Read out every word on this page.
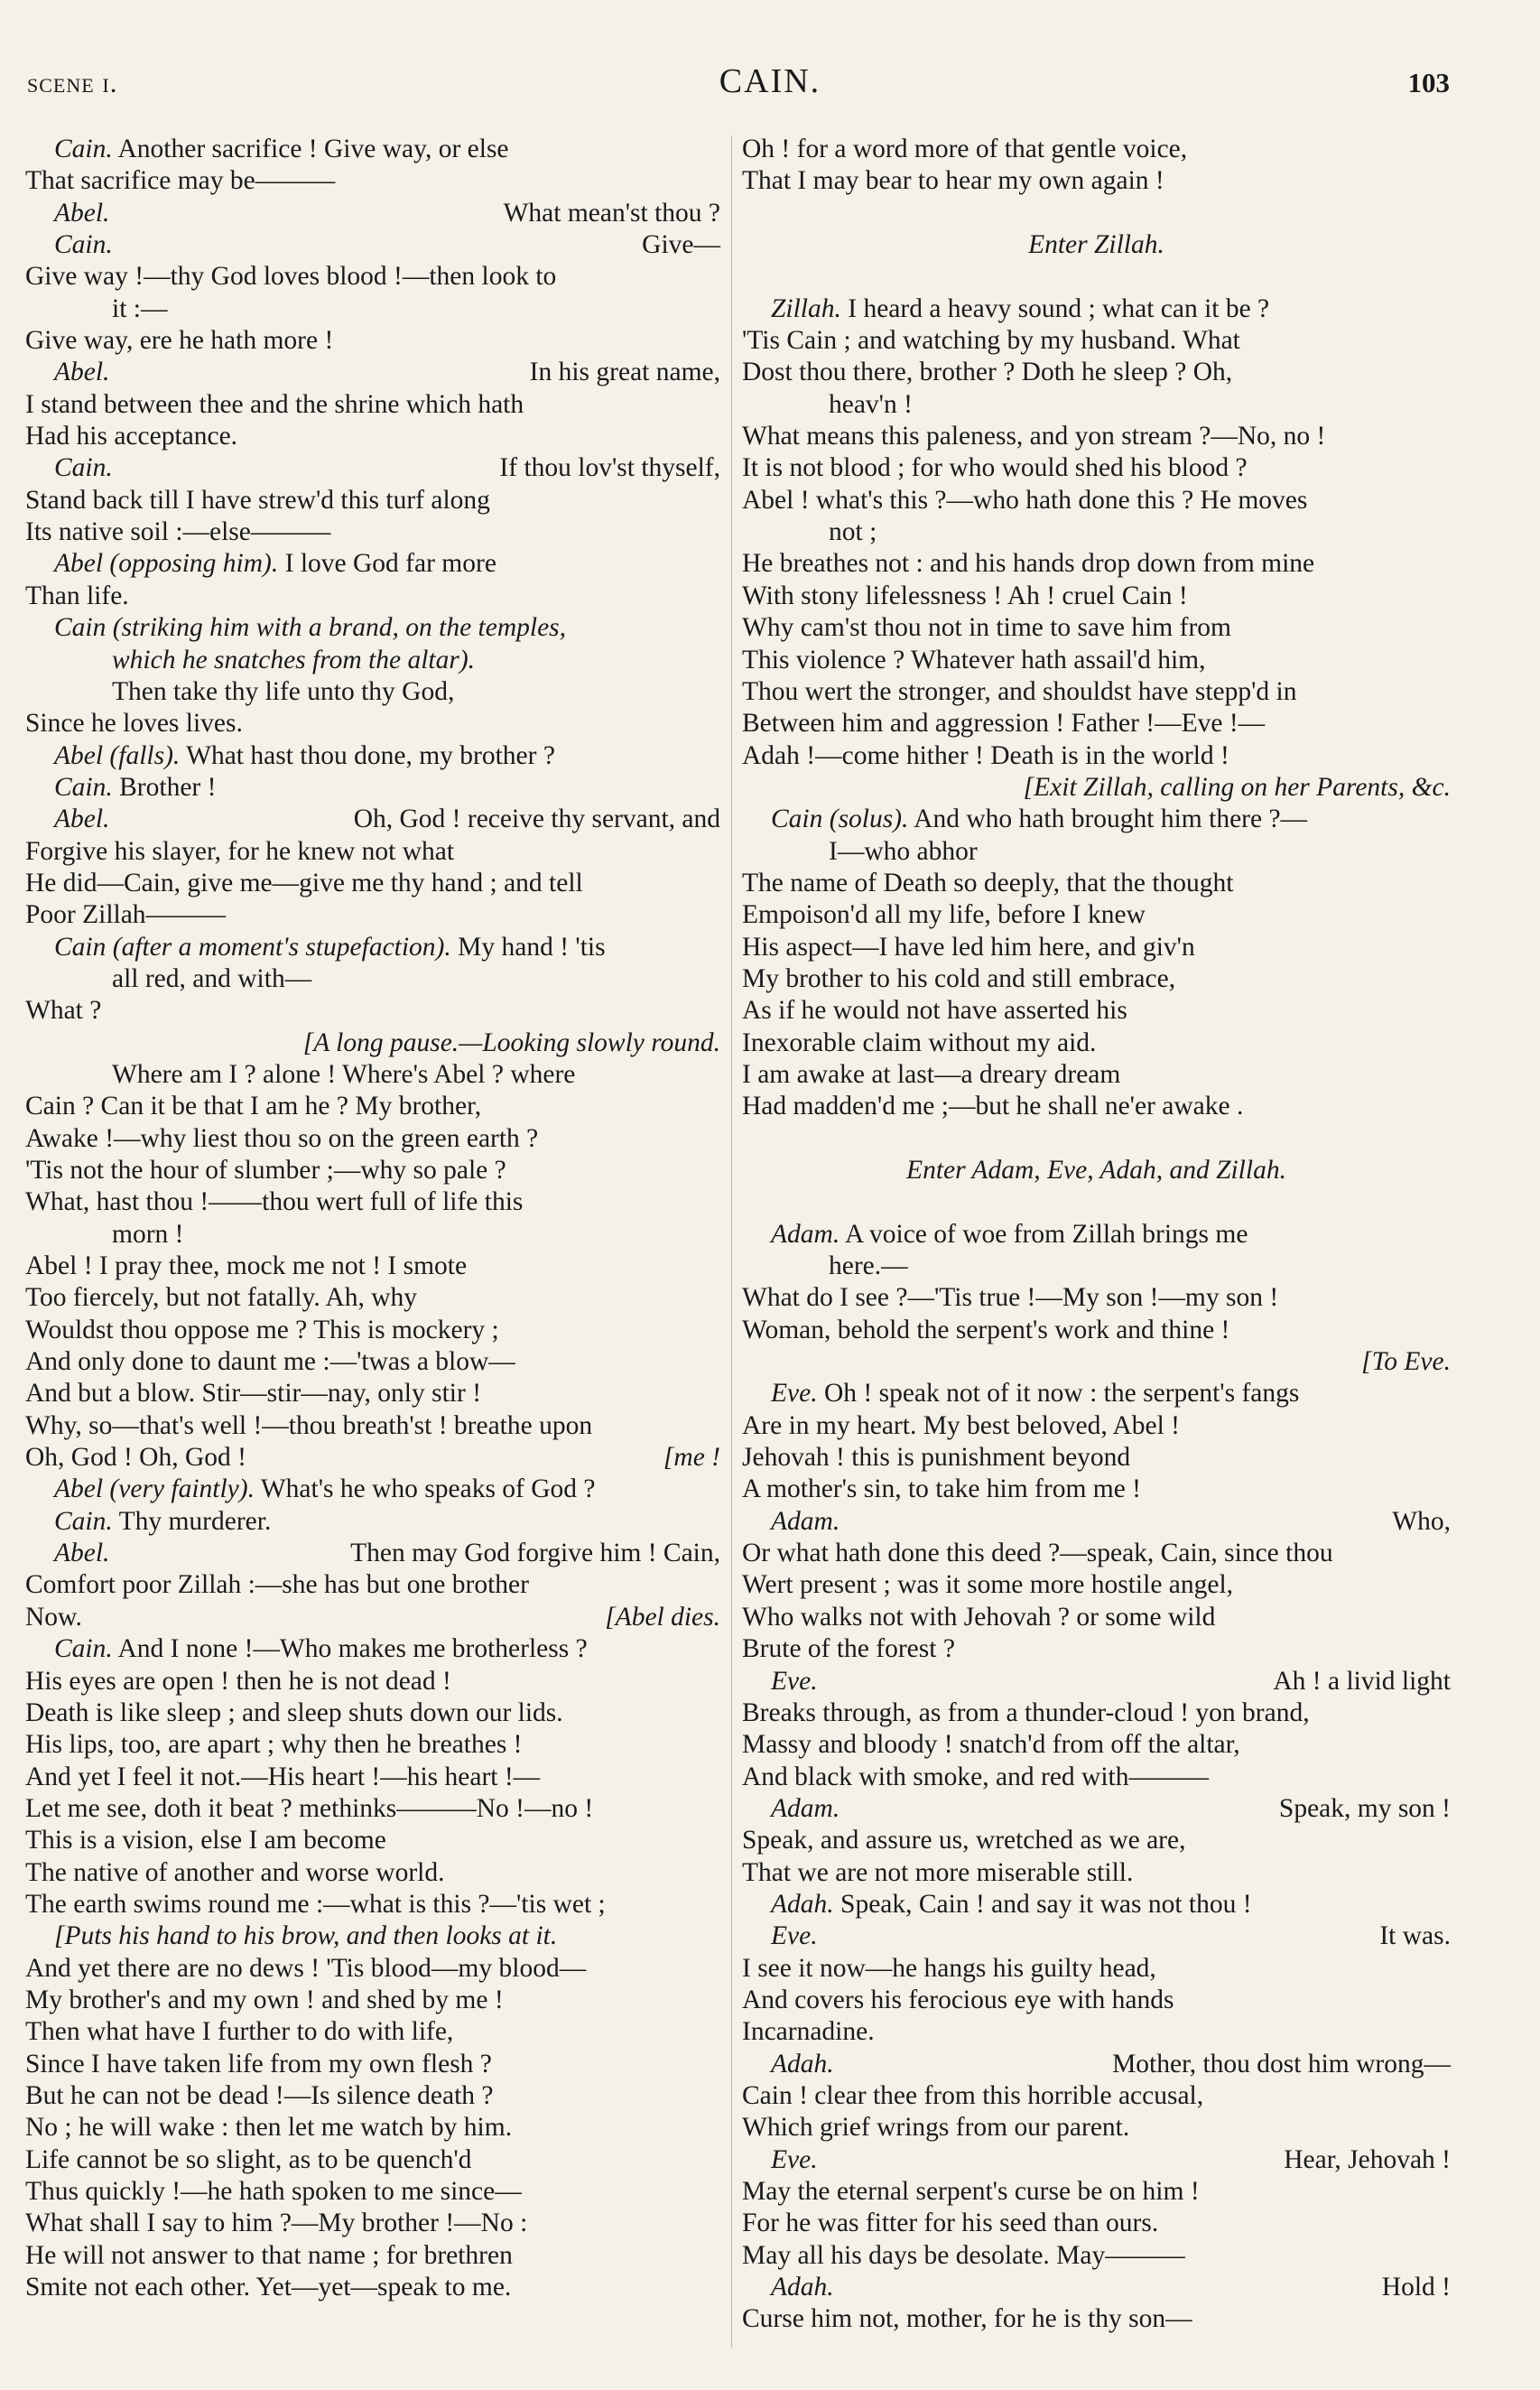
scene i.	CAIN.	103
Cain. Another sacrifice ! Give way, or else
That sacrifice may be———
Abel.	What mean'st thou ?
Cain.	Give—
Give way !—thy God loves blood !—then look to
it :—
Give way, ere he hath more !
Abel.	In his great name,
I stand between thee and the shrine which hath
Had his acceptance.
Cain.	If thou lov'st thyself,
Stand back till I have strew'd this turf along
Its native soil :—else———
Abel (opposing him). I love God far more
Than life.
Cain (striking him with a brand, on the temples,
which he snatches from the altar).
Then take thy life unto thy God,
Since he loves lives.
Abel (falls). What hast thou done, my brother ?
Cain. Brother !
Abel.	Oh, God ! receive thy servant, and
Forgive his slayer, for he knew not what
He did—Cain, give me—give me thy hand ; and tell
Poor Zillah———
Cain (after a moment's stupefaction). My hand ! 'tis
all red, and with—
What ?
[A long pause.—Looking slowly round.
Where am I ? alone ! Where's Abel ? where
Cain ? Can it be that I am he ? My brother,
Awake !—why liest thou so on the green earth ?
'Tis not the hour of slumber ;—why so pale ?
What, hast thou !——thou wert full of life this
morn !
Abel ! I pray thee, mock me not ! I smote
Too fiercely, but not fatally. Ah, why
Wouldst thou oppose me ? This is mockery ;
And only done to daunt me :—'twas a blow—
And but a blow. Stir—stir—nay, only stir !
Why, so—that's well !—thou breath'st ! breathe upon
Oh, God ! Oh, God !	[me !
Abel (very faintly). What's he who speaks of God ?
Cain. Thy murderer.
Abel.	Then may God forgive him ! Cain,
Comfort poor Zillah :—she has but one brother
Now.	[Abel dies.
Cain. And I none !—Who makes me brotherless ?
His eyes are open ! then he is not dead !
Death is like sleep ; and sleep shuts down our lids.
His lips, too, are apart ; why then he breathes !
And yet I feel it not.—His heart !—his heart !—
Let me see, doth it beat ? methinks———No !—no !
This is a vision, else I am become
The native of another and worse world.
The earth swims round me :—what is this ?—'tis wet ;
[Puts his hand to his brow, and then looks at it.
And yet there are no dews ! 'Tis blood—my blood—
My brother's and my own ! and shed by me !
Then what have I further to do with life,
Since I have taken life from my own flesh ?
But he can not be dead !—Is silence death ?
No ; he will wake : then let me watch by him.
Life cannot be so slight, as to be quench'd
Thus quickly !—he hath spoken to me since—
What shall I say to him ?—My brother !—No :
He will not answer to that name ; for brethren
Smite not each other. Yet—yet—speak to me.
Oh ! for a word more of that gentle voice,
That I may bear to hear my own again !
Enter Zillah.
Zillah. I heard a heavy sound ; what can it be ?
'Tis Cain ; and watching by my husband. What
Dost thou there, brother ? Doth he sleep ? Oh,
heav'n !
What means this paleness, and yon stream ?—No, no !
It is not blood ; for who would shed his blood ?
Abel ! what's this ?—who hath done this ? He moves
not ;
He breathes not : and his hands drop down from mine
With stony lifelessness ! Ah ! cruel Cain !
Why cam'st thou not in time to save him from
This violence ? Whatever hath assail'd him,
Thou wert the stronger, and shouldst have stepp'd in
Between him and aggression ! Father !—Eve !—
Adah !—come hither ! Death is in the world !
[Exit Zillah, calling on her Parents, &c.
Cain (solus). And who hath brought him there ?—
I—who abhor
The name of Death so deeply, that the thought
Empoison'd all my life, before I knew
His aspect—I have led him here, and giv'n
My brother to his cold and still embrace,
As if he would not have asserted his
Inexorable claim without my aid.
I am awake at last—a dreary dream
Had madden'd me ;—but he shall ne'er awake .
Enter Adam, Eve, Adah, and Zillah.
Adam. A voice of woe from Zillah brings me
here.—
What do I see ?—'Tis true !—My son !—my son !
Woman, behold the serpent's work and thine !
[To Eve.
Eve. Oh ! speak not of it now : the serpent's fangs
Are in my heart. My best beloved, Abel !
Jehovah ! this is punishment beyond
A mother's sin, to take him from me !
Adam.	Who,
Or what hath done this deed ?—speak, Cain, since thou
Wert present ; was it some more hostile angel,
Who walks not with Jehovah ? or some wild
Brute of the forest ?
Eve.	Ah ! a livid light
Breaks through, as from a thunder-cloud ! yon brand,
Massy and bloody ! snatch'd from off the altar,
And black with smoke, and red with———
Adam.	Speak, my son !
Speak, and assure us, wretched as we are,
That we are not more miserable still.
Adah. Speak, Cain ! and say it was not thou !
Eve.	It was.
I see it now—he hangs his guilty head,
And covers his ferocious eye with hands
Incarnadine.
Adah.	Mother, thou dost him wrong—
Cain ! clear thee from this horrible accusal,
Which grief wrings from our parent.
Eve.	Hear, Jehovah !
May the eternal serpent's curse be on him !
For he was fitter for his seed than ours.
May all his days be desolate. May———
Adah.	Hold !
Curse him not, mother, for he is thy son—
